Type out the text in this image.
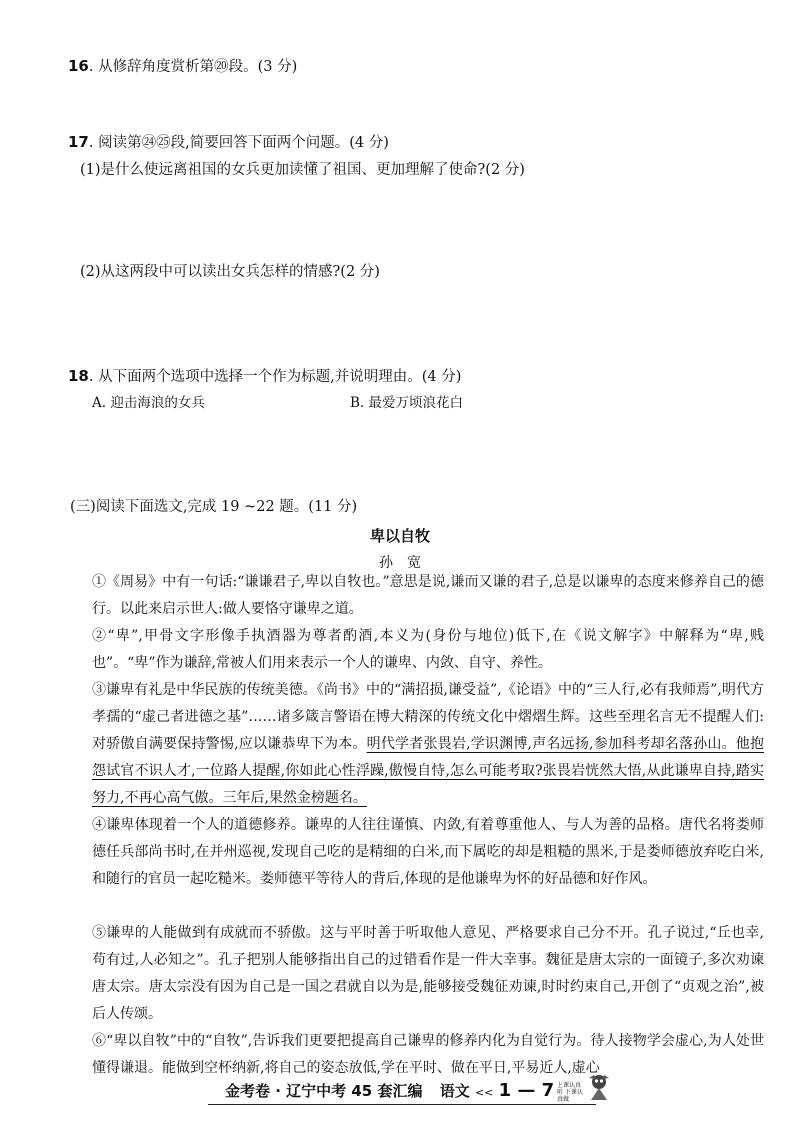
16. 从修辞角度赏析第⑳段。(3 分)
17. 阅读第㉔㉕段,简要回答下面两个问题。(4 分)
(1)是什么使远离祖国的女兵更加读懂了祖国、更加理解了使命?(2 分)
(2)从这两段中可以读出女兵怎样的情感?(2 分)
18. 从下面两个选项中选择一个作为标题,并说明理由。(4 分)
A. 迎击海浪的女兵	B. 最爱万顷浪花白
(三)阅读下面选文,完成 19 ~22 题。(11 分)
卑以自牧
孙宽
①《周易》中有一句话:“谦谦君子,卑以自牧也。”意思是说,谦而又谦的君子,总是以谦卑的态度来修养自己的德行。以此来启示世人:做人要恪守谦卑之道。
②“卑”,甲骨文字形像手执酒器为尊者酌酒,本义为(身份与地位)低下,在《说文解字》中解释为“卑,贱也”。“卑”作为谦辞,常被人们用来表示一个人的谦卑、内敛、自守、养性。
③谦卑有礼是中华民族的传统美德。《尚书》中的“满招损,谦受益”,《论语》中的“三人行,必有我师焉”,明代方孝孺的“虚己者进德之基”……诸多箴言警语在博大精深的传统文化中熠熠生辉。这些至理名言无不提醒人们:对骄傲自满要保持警惕,应以谦恭卑下为本。明代学者张畏岩,学识渊博,声名远扬,参加科考却名落孙山。他抱怨试官不识人才,一位路人提醒,你如此心性浮躁,傲慢自恃,怎么可能考取?张畏岩恍然大悟,从此谦卑自持,踏实努力,不再心高气傲。三年后,果然金榜题名。
④谦卑体现着一个人的道德修养。谦卑的人往往谨慎、内敛,有着尊重他人、与人为善的品格。唐代名将娄师德任兵部尚书时,在并州巡视,发现自己吃的是精细的白米,而下属吃的却是粗糙的黑米,于是娄师德放弃吃白米,和随行的官员一起吃糙米。娄师德平等待人的背后,体现的是他谦卑为怀的好品德和好作风。
⑤谦卑的人能做到有成就而不骄傲。这与平时善于听取他人意见、严格要求自己分不开。孔子说过,“丘也幸,苟有过,人必知之”。孔子把别人能够指出自己的过错看作是一件大幸事。魏征是唐太宗的一面镜子,多次劝谏唐太宗。唐太宗没有因为自己是一国之君就自以为是,能够接受魏征劝谏,时时约束自己,开创了“贞观之治”,被后人传颂。
⑥“卑以自牧”中的“自牧”,告诉我们更要把提高自己谦卑的修养内化为自觉行为。待人接物学会虚心,为人处世懂得谦退。能做到空杯纳新,将自己的姿态放低,学在平时、做在平日,平易近人,虚心
金考卷 · 辽宁中考 45 套汇编 语文 << 1 — 7 上课认真听 下课认真做
